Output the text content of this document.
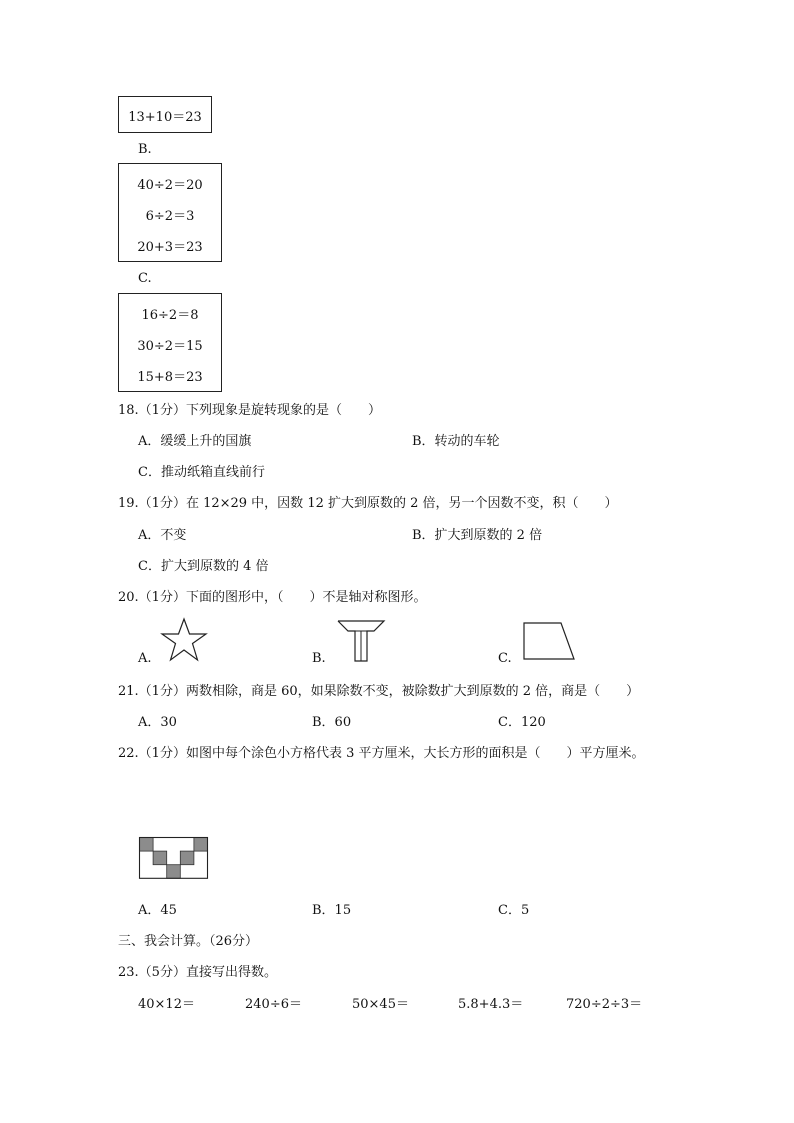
13+10＝23
B.
40÷2＝20
6÷2＝3
20+3＝23
C.
16÷2＝8
30÷2＝15
15+8＝23
18.（1分）下列现象是旋转现象的是（　　）
A．缓缓上升的国旗	B．转动的车轮
C．推动纸箱直线前行
19.（1分）在 12×29 中，因数 12 扩大到原数的 2 倍，另一个因数不变，积（　　）
A．不变	B．扩大到原数的 2 倍
C．扩大到原数的 4 倍
20.（1分）下面的图形中，（　　）不是轴对称图形。
A.	B.	C.
21.（1分）两数相除，商是 60，如果除数不变，被除数扩大到原数的 2 倍，商是（　　）
A．30	B．60	C．120
22.（1分）如图中每个涂色小方格代表 3 平方厘米，大长方形的面积是（　　）平方厘米。
A．45	B．15	C．5
三、我会计算。（26分）
23.（5分）直接写出得数。
40×12＝	240÷6＝	50×45＝	5.8+4.3＝	720÷2÷3＝
